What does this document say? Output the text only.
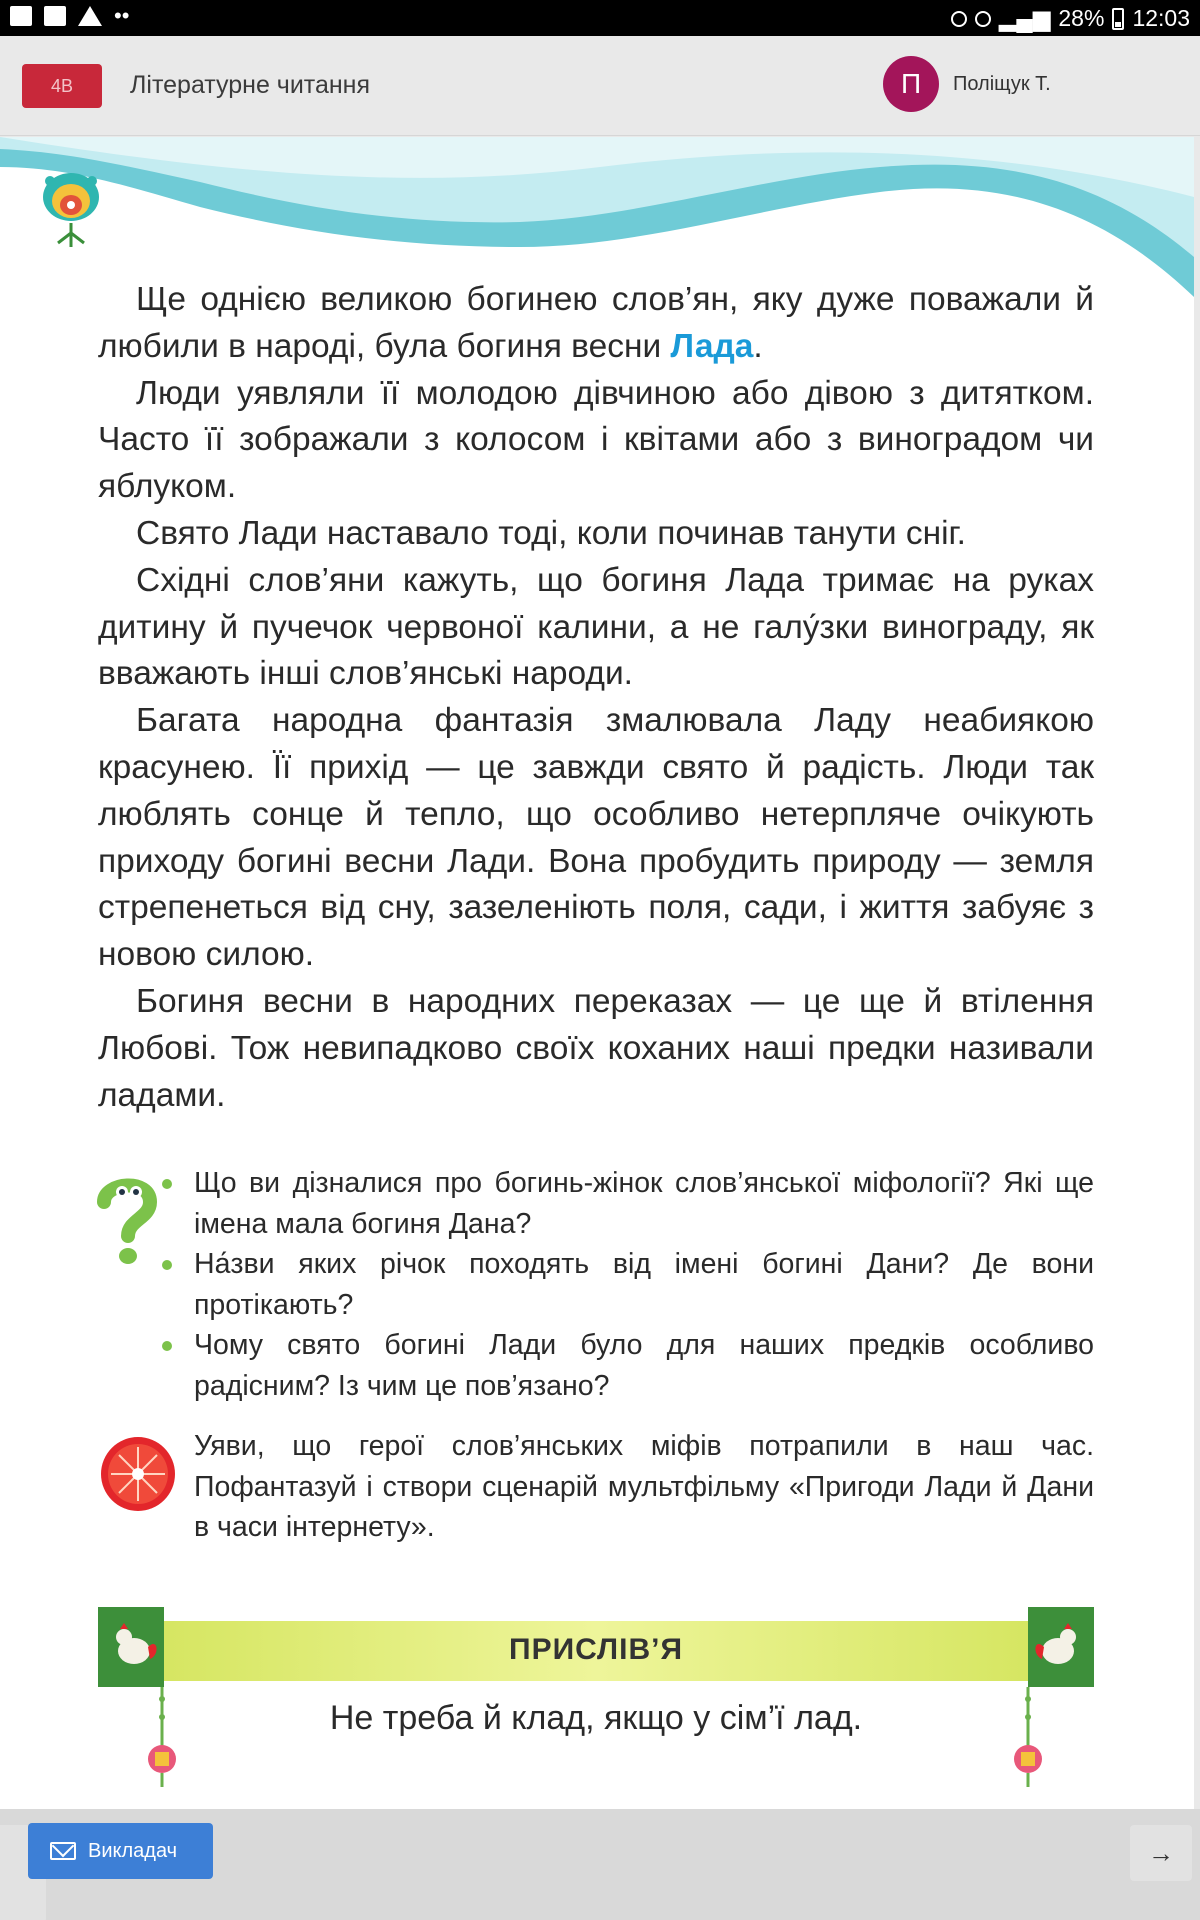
••	▂▄▆ 28% 12:03
4В	Літературне читання	П	Поліщук Т.

Ще однією великою богинею слов’ян, яку дуже поважали й любили в народі, була богиня весни Лада.

Люди уявляли її молодою дівчиною або дівою з дитятком. Часто її зображали з колосом і квітами або з виноградом чи яблуком.

Свято Лади наставало тоді, коли починав танути сніг.

Східні слов’яни кажуть, що богиня Лада тримає на руках дитину й пучечок червоної калини, а не галу́зки винограду, як вважають інші слов’янські народи.

Багата народна фантазія змалювала Ладу неабиякою красунею. Її прихід — це завжди свято й радість. Люди так люблять сонце й тепло, що особливо нетерпляче очікують приходу богині весни Лади. Вона пробудить природу — земля стрепенеться від сну, зазеленіють поля, сади, і життя забуяє з новою силою.

Богиня весни в народних переказах — це ще й втілення Любові. Тож невипадково своїх коханих наші предки називали ладами.

Що ви дізналися про богинь-жінок слов’янської міфології? Які ще імена мала богиня Дана?
На́зви яких річок походять від імені богині Дани? Де вони протікають?
Чому свято богині Лади було для наших предків особливо радісним? Із чим це пов’язано?
Уяви, що герої слов’янських міфів потрапили в наш час. Пофантазуй і створи сценарій мультфільму «Пригоди Лади й Дани в часи інтернету».
ПРИСЛІВ’Я
Не треба й клад, якщо у сім’ї лад.
Викладач	→
